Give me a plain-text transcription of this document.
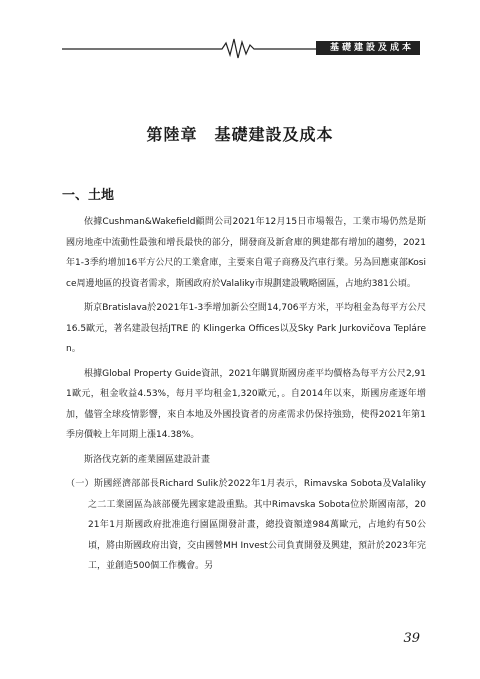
基礎建設及成本
第陸章　基礎建設及成本
一、土地

依據Cushman&Wakefield顧問公司2021年12月15日市場報告，工業市場仍然是斯國房地產中流動性最強和增長最快的部分，開發商及新倉庫的興建都有增加的趨勢，2021年1-3季約增加16平方公尺的工業倉庫，主要來自電子商務及汽車行業。另為回應東部Kosice周邊地區的投資者需求，斯國政府於Valaliky市規劃建設戰略園區，占地約381公頃。

斯京Bratislava於2021年1-3季增加新公空間14,706平方米，平均租金為每平方公尺16.5歐元，著名建設包括JTRE 的 Klingerka Offices以及Sky Park Jurkovičova Tepláren。

根據Global Property Guide資訊，2021年購買斯國房產平均價格為每平方公尺2,911歐元，租金收益4.53%，每月平均租金1,320歐元，。自2014年以來，斯國房產逐年增加，儘管全球疫情影響，來自本地及外國投資者的房產需求仍保持強勁，使得2021年第1季房價較上年同期上漲14.38%。

斯洛伐克新的產業園區建設計畫

（一）斯國經濟部部長Richard Sulik於2022年1月表示，Rimavska Sobota及Valaliky之二工業園區為該部優先國家建設重點。其中Rimavska Sobota位於斯國南部，2021年1月斯國政府批准進行園區開發計畫，總投資額達984萬歐元，占地約有50公頃，將由斯國政府出資，交由國營MH Invest公司負責開發及興建，預計於2023年完工，並創造500個工作機會。另

39
